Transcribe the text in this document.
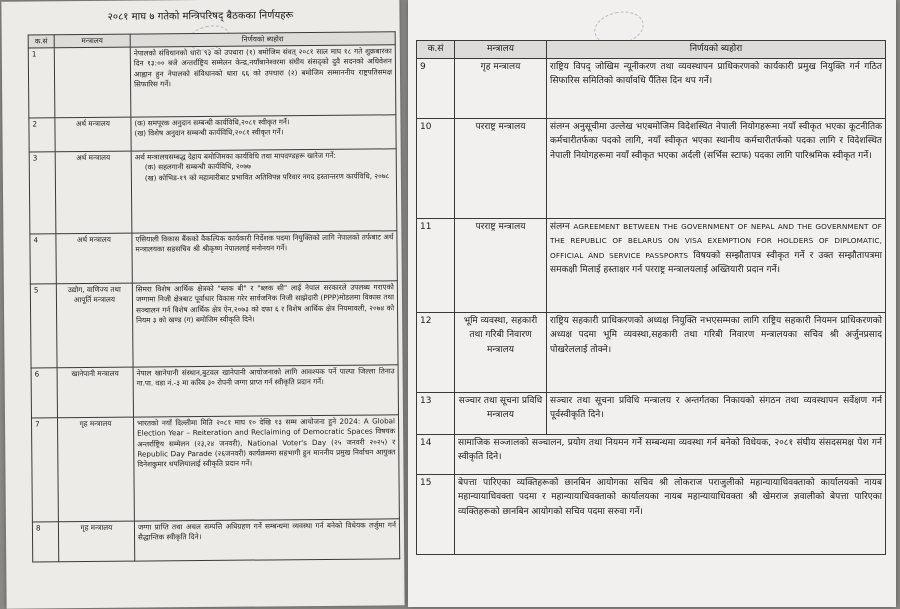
२०८१ माघ ७ गतेको मन्त्रिपरिषद् बैठकका निर्णयहरू
क.सं	मन्त्रालय	निर्णयको ब्यहोरा
1		नेपालको संविधानको धारा ९३ को उपधारा (१) बमोजिम संवत् २०८१ साल माघ १८ गते शुक्रबारका दिन १३:०० बजे अन्तर्राष्ट्रिय सम्मेलन केन्द्र,नयाँबानेश्वरमा संघीय संसद्को दुवै सदनको अधिवेशन आह्वान हुन नेपालको संविधानको धारा ६६ को उपधारा (२) बमोजिम सम्माननीय राष्ट्रपतिसमक्ष सिफारिस गर्ने।
2	अर्थ मन्त्रालय	(क) समपूरक अनुदान सम्बन्धी कार्यविधि,२०८१ स्वीकृत गर्ने।
(ख) विशेष अनुदान सम्बन्धी कार्यविधि,२०८१ स्वीकृत गर्ने।

3	अर्थ मन्त्रालय	अर्थ मन्त्रालयसम्बद्ध देहाय बमोजिमका कार्यविधि तथा मापदण्डहरू खारेज गर्ने:
(क) सहलगानी सम्बन्धी कार्यविधि, २०७७
(ख) कोभिड-१९ को महामारीबाट प्रभावित अतिविपन्न परिवार नगद हस्तान्तरण कार्यविधि, २०७८

4	अर्थ मन्त्रालय	एसियाली विकास बैंकको वैकल्पिक कार्यकारी निर्देशक पदमा नियुक्तिको लागि नेपालको तर्फबाट अर्थ मन्त्रालयका सहसचिव श्री श्रीकृष्ण नेपाललाई मनोनयन गर्ने।
5	उद्योग, वाणिज्य तथा आपूर्ति मन्त्रालय	सिमरा विशेष आर्थिक क्षेत्रको "ब्लक बी" र "ब्लक सी" लाई नेपाल सरकारले उपलब्ध गराएको जग्गामा निजी क्षेत्रबाट पूर्वाधार विकास गरेर सार्वजनिक निजी साझेदारी (PPP)मोडलमा विकास तथा सञ्चालन गर्न विशेष आर्थिक क्षेत्र ऐन,२०७३ को दफा ६ र विशेष आर्थिक क्षेत्र नियमावली, २०७४ को नियम ३ को खण्ड (ग) बमोजिम स्वीकृति दिने।
6	खानेपानी मन्त्रालय	नेपाल खानेपानी संस्थान,बुटवल खानेपानी आयोजनाको लागि आवश्यक पर्ने पाल्पा जिल्ला तिनाउ गा.पा. वडा नं.-३ मा करिब ३० रोपनी जग्गा प्राप्त गर्न स्वीकृति प्रदान गर्ने।
7	गृह मन्त्रालय	भारतको नयाँ दिल्लीमा मिति २०८१ माघ १० देखि १३ सम्म आयोजना हुने 2024: A Global Election Year – Reiteration and Reclaiming of Democratic Spaces विषयक अन्तर्राष्ट्रिय सम्मेलन (२३,२४ जनवरी), National Voter's Day (२५ जनवरी २०२५) र Republic Day Parade (२६जनवरी) कार्यक्रममा सहभागी हुन माननीय प्रमुख निर्वाचन आयुक्त दिनेशकुमार थपलियालाई स्वीकृति प्रदान गर्ने।
8	गृह मन्त्रालय	जग्गा प्राप्ति तथा अचल सम्पत्ति अधिग्रहण गर्ने सम्बन्धमा व्यवस्था गर्न बनेको विधेयक तर्जुमा गर्न सैद्धान्तिक स्वीकृति दिने।
क.सं	मन्त्रालय	निर्णयको ब्यहोरा
9	गृह मन्त्रालय	राष्ट्रिय विपद् जोखिम न्यूनीकरण तथा व्यवस्थापन प्राधिकरणको कार्यकारी प्रमुख नियुक्ति गर्न गठित सिफारिस समितिको कार्यावधि पैंतिस दिन थप गर्ने।
10	परराष्ट्र मन्त्रालय	संलग्न अनुसूचीमा उल्लेख भएबमोजिम विदेशस्थित नेपाली नियोगहरूमा नयाँ स्वीकृत भएका कूटनीतिक कर्मचारीतर्फका पदको लागि, नयाँ स्वीकृत भएका स्थानीय कर्मचारीतर्फको पदका लागि र विदेशस्थित नेपाली नियोगहरूमा नयाँ स्वीकृत भएका अर्दली (सर्भिस स्टाफ) पदका लागि पारिश्रमिक स्वीकृत गर्ने।
11	परराष्ट्र मन्त्रालय	संलग्न AGREEMENT BETWEEN THE GOVERNMENT OF NEPAL AND THE GOVERNMENT OF THE REPUBLIC OF BELARUS ON VISA EXEMPTION FOR HOLDERS OF DIPLOMATIC, OFFICIAL AND SERVICE PASSPORTS विषयको सम्झौतापत्र स्वीकृत गर्ने र उक्त सम्झौतापत्रमा समकक्षी मिलाई हस्ताक्षर गर्न परराष्ट्र मन्त्रालयलाई अख्तियारी प्रदान गर्ने।
12	भूमि व्यवस्था, सहकारी तथा गरिबी निवारण मन्त्रालय	राष्ट्रिय सहकारी प्राधिकरणको अध्यक्ष नियुक्ति नभएसम्मका लागि राष्ट्रिय सहकारी नियमन प्राधिकरणको अध्यक्ष पदमा भूमि व्यवस्था,सहकारी तथा गरिबी निवारण मन्त्रालयका सचिव श्री अर्जुनप्रसाद पोखरेललाई तोक्ने।
13	सञ्चार तथा सूचना प्रविधि मन्त्रालय	सञ्चार तथा सूचना प्रविधि मन्त्रालय र अन्तर्गतका निकायको संगठन तथा व्यवस्थापन सर्वेक्षण गर्न पूर्वस्वीकृति दिने।
14	सामाजिक सञ्जालको सञ्चालन, प्रयोग तथा नियमन गर्ने सम्बन्धमा व्यवस्था गर्न बनेको विधेयक, २०८१ संघीय संसदसमक्ष पेश गर्न स्वीकृति दिने।	
15	बेपत्ता पारिएका व्यक्तिहरूको छानबिन आयोगका सचिव श्री लोकराज पराजुलीको महान्यायाधिवक्ताको कार्यालयको नायब महान्यायाधिवक्ता पदमा र महान्यायाधिवक्ताको कार्यालयका नायब महान्यायाधिवक्ता श्री खेमराज ज्ञवालीको बेपत्ता पारिएका व्यक्तिहरूको छानबिन आयोगको सचिव पदमा सरुवा गर्ने।	
